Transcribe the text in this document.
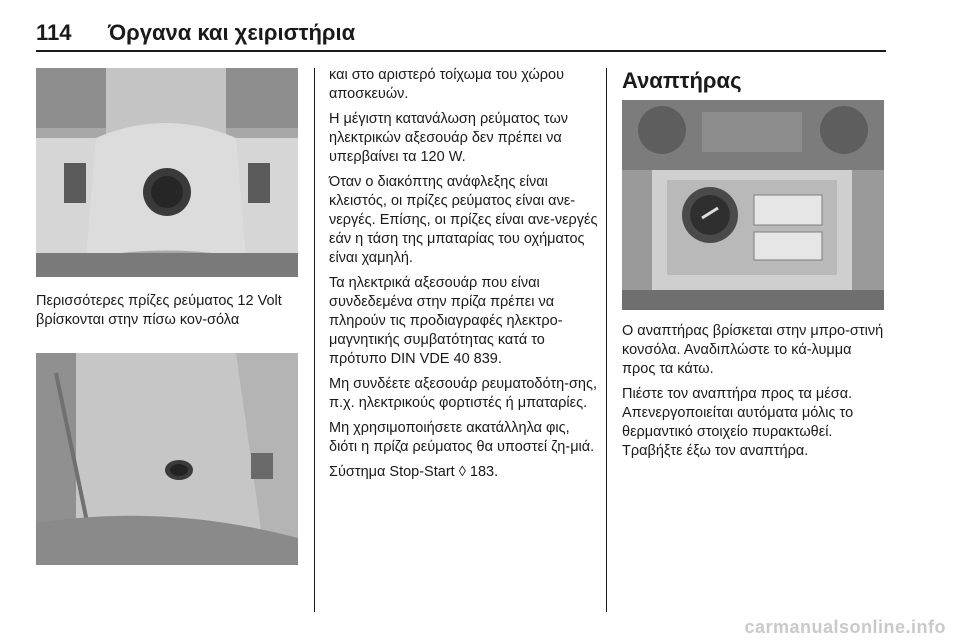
114 Όργανα και χειριστήρια
Περισσότερες πρίζες ρεύματος 12 Volt βρίσκονται στην πίσω κον-σόλα

και στο αριστερό τοίχωμα του χώρου αποσκευών.

Η μέγιστη κατανάλωση ρεύματος των ηλεκτρικών αξεσουάρ δεν πρέπει να υπερβαίνει τα 120 W.

Όταν ο διακόπτης ανάφλεξης είναι κλειστός, οι πρίζες ρεύματος είναι ανε-νεργές. Επίσης, οι πρίζες είναι ανε-νεργές εάν η τάση της μπαταρίας του οχήματος είναι χαμηλή.

Τα ηλεκτρικά αξεσουάρ που είναι συνδεδεμένα στην πρίζα πρέπει να πληρούν τις προδιαγραφές ηλεκτρο-μαγνητικής συμβατότητας κατά το πρότυπο DIN VDE 40 839.

Μη συνδέετε αξεσουάρ ρευματοδότη-σης, π.χ. ηλεκτρικούς φορτιστές ή μπαταρίες.

Μη χρησιμοποιήσετε ακατάλληλα φις, διότι η πρίζα ρεύματος θα υποστεί ζη-μιά.

Σύστημα Stop-Start ◊ 183.

Αναπτήρας

Ο αναπτήρας βρίσκεται στην μπρο-στινή κονσόλα. Αναδιπλώστε το κά-λυμμα προς τα κάτω.

Πιέστε τον αναπτήρα προς τα μέσα. Απενεργοποιείται αυτόματα μόλις το θερμαντικό στοιχείο πυρακτωθεί. Τραβήξτε έξω τον αναπτήρα.

carmanualsonline.info
